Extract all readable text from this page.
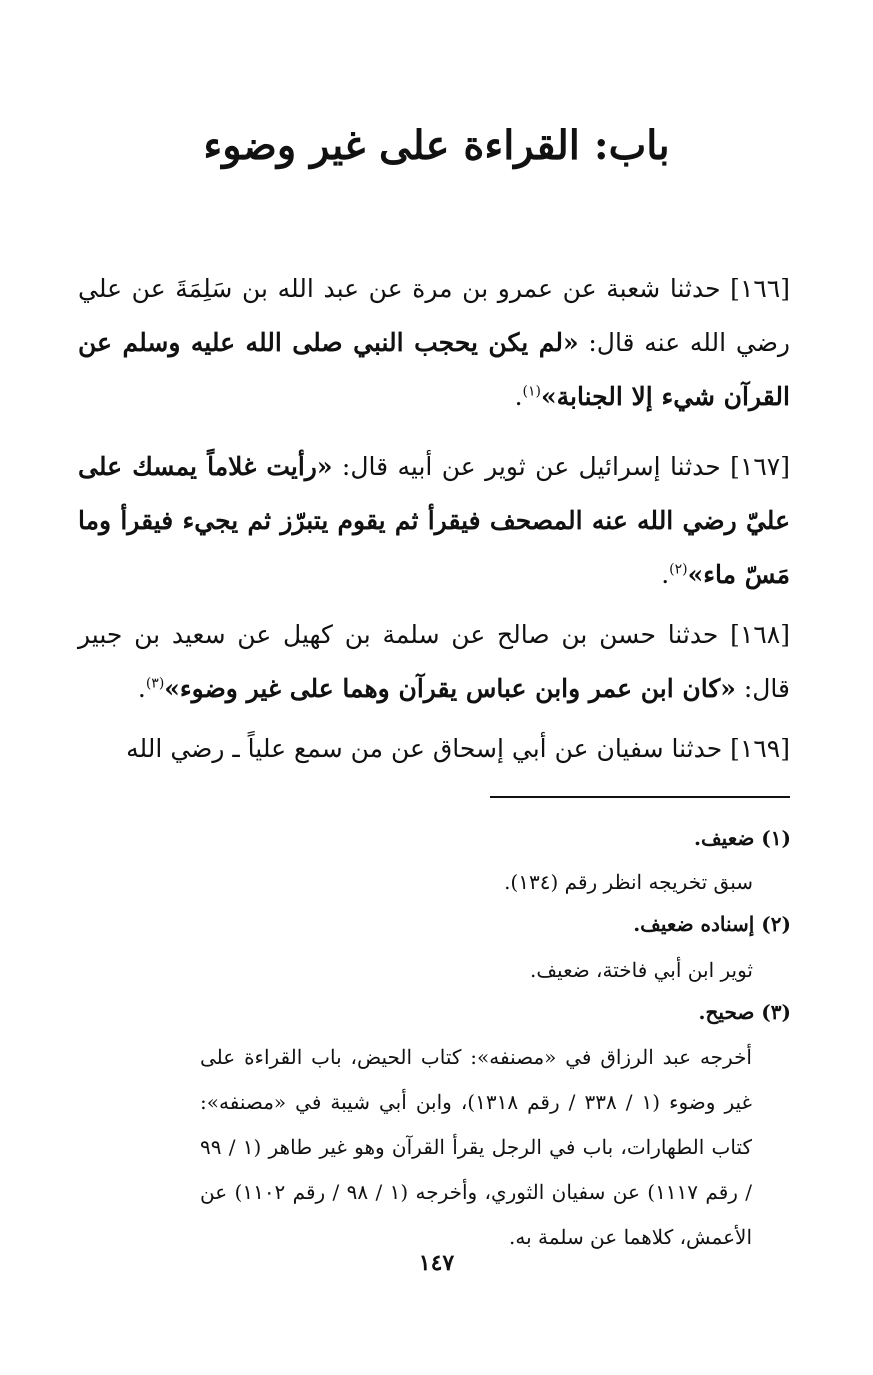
باب: القراءة على غير وضوء
[١٦٦] حدثنا شعبة عن عمرو بن مرة عن عبد الله بن سَلِمَةَ عن علي رضي الله عنه قال: «لم يكن يحجب النبي صلى الله عليه وسلم عن القرآن شيء إلا الجنابة»$^{(١)}$.
[١٦٧] حدثنا إسرائيل عن ثوير عن أبيه قال: «رأيت غلاماً يمسك على عليّ رضي الله عنه المصحف فيقرأ ثم يقوم يتبرّز ثم يجيء فيقرأ وما مَسّ ماء»$^{(٢)}$.
[١٦٨] حدثنا حسن بن صالح عن سلمة بن كهيل عن سعيد بن جبير قال: «كان ابن عمر وابن عباس يقرآن وهما على غير وضوء»$^{(٣)}$.
[١٦٩] حدثنا سفيان عن أبي إسحاق عن من سمع علياً ـ رضي الله
(١) ضعيف.
سبق تخريجه انظر رقم (١٣٤).
(٢) إسناده ضعيف.
ثوير ابن أبي فاختة، ضعيف.
(٣) صحيح.
أخرجه عبد الرزاق في «مصنفه»: كتاب الحيض، باب القراءة على غير وضوء (١ / ٣٣٨ / رقم ١٣١٨)، وابن أبي شيبة في «مصنفه»: كتاب الطهارات، باب في الرجل يقرأ القرآن وهو غير طاهر (١ / ٩٩ / رقم ١١١٧) عن سفيان الثوري، وأخرجه (١ / ٩٨ / رقم ١١٠٢) عن الأعمش، كلاهما عن سلمة به.
١٤٧
